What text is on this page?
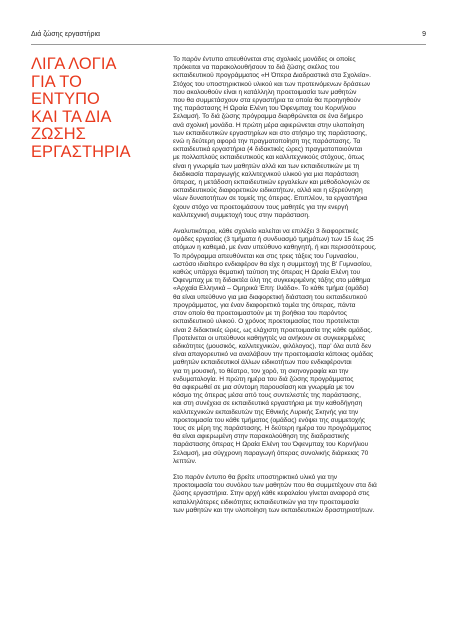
Διά ζώσης εργαστήρια	9
ΛΙΓΑ ΛΟΓΙΑ
ΓΙΑ ΤΟ
ΕΝΤΥΠΟ
ΚΑΙ ΤΑ ΔΙΑ
ΖΩΣΗΣ
ΕΡΓΑΣΤΗΡΙΑ

Το παρόν έντυπο απευθύνεται στις σχολικές μονάδες οι οποίες
πρόκειται να παρακολουθήσουν το διά ζώσης σκέλος του
εκπαιδευτικού προγράμματος «Η Όπερα Διαδραστικά στα Σχολεία».
Στόχος του υποστηρικτικού υλικού και των προτεινόμενων δράσεων
που ακολουθούν είναι η κατάλληλη προετοιμασία των μαθητών
που θα συμμετάσχουν στα εργαστήρια τα οποία θα προηγηθούν
της παράστασης Η Ωραία Ελένη του Όφενμπαχ του Κορνήλιου
Σελαμσή. Το διά ζώσης πρόγραμμα διαρθρώνεται σε ένα διήμερο
ανά σχολική μονάδα. Η πρώτη μέρα αφιερώνεται στην υλοποίηση
των εκπαιδευτικών εργαστηρίων και στο στήσιμο της παράστασης,
ενώ η δεύτερη αφορά την πραγματοποίηση της παράστασης. Τα
εκπαιδευτικά εργαστήρια (4 διδακτικές ώρες) πραγματοποιούνται
με πολλαπλούς εκπαιδευτικούς και καλλιτεχνικούς στόχους, όπως
είναι η γνωριμία των μαθητών αλλά και των εκπαιδευτικών με τη
διαδικασία παραγωγής καλλιτεχνικού υλικού για μια παράσταση
όπερας, η μετάδοση εκπαιδευτικών εργαλείων και μεθοδολογιών σε
εκπαιδευτικούς διαφορετικών ειδικοτήτων, αλλά και η εξερεύνηση
νέων δυνατοτήτων σε τομείς της όπερας. Επιπλέον, τα εργαστήρια
έχουν στόχο να προετοιμάσουν τους μαθητές για την ενεργή
καλλιτεχνική συμμετοχή τους στην παράσταση.

Αναλυτικότερα, κάθε σχολείο καλείται να επιλέξει 3 διαφορετικές
ομάδες εργασίας (3 τμήματα ή συνδυασμό τμημάτων) των 15 έως 25
ατόμων η καθεμιά, με έναν υπεύθυνο καθηγητή, ή και περισσότερους.
Το πρόγραμμα απευθύνεται και στις τρεις τάξεις του Γυμνασίου,
ωστόσο ιδιαίτερο ενδιαφέρον θα είχε η συμμετοχή της Β' Γυμνασίου,
καθώς υπάρχει θεματική ταύτιση της όπερας Η Ωραία Ελένη του
Όφενμπαχ με τη διδακτέα ύλη της συγκεκριμένης τάξης στο μάθημα
«Αρχαία Ελληνικά – Ομηρικά Έπη: Ιλιάδα». Το κάθε τμήμα (ομάδα)
θα είναι υπεύθυνο για μια διαφορετική διάσταση του εκπαιδευτικού
προγράμματος, για έναν διαφορετικό τομέα της όπερας, πάντα
στον οποίο θα προετοιμαστούν με τη βοήθεια του παρόντος
εκπαιδευτικού υλικού. Ο χρόνος προετοιμασίας που προτείνεται
είναι 2 διδακτικές ώρες, ως ελάχιστη προετοιμασία της κάθε ομάδας.
Προτείνεται οι υπεύθυνοι καθηγητές να ανήκουν σε συγκεκριμένες
ειδικότητες (μουσικός, καλλιτεχνικών, φιλόλογος), παρ' όλα αυτά δεν
είναι απαγορευτικό να αναλάβουν την προετοιμασία κάποιας ομάδας
μαθητών εκπαιδευτικοί άλλων ειδικοτήτων που ενδιαφέρονται
για τη μουσική, το θέατρο, τον χορό, τη σκηνογραφία και την
ενδυματολογία. Η πρώτη ημέρα του διά ζώσης προγράμματος
θα αφιερωθεί σε μια σύντομη παρουσίαση και γνωριμία με τον
κόσμο της όπερας μέσα από τους συντελεστές της παράστασης,
και στη συνέχεια σε εκπαιδευτικά εργαστήρια με την καθοδήγηση
καλλιτεχνικών εκπαιδευτών της Εθνικής Λυρικής Σκηνής για την
προετοιμασία του κάθε τμήματος (ομάδας) ενόψει της συμμετοχής
τους σε μέρη της παράστασης. Η δεύτερη ημέρα του προγράμματος
θα είναι αφιερωμένη στην παρακολούθηση της διαδραστικής
παράστασης όπερας Η Ωραία Ελένη του Όφενμπαχ του Κορνήλιου
Σελαμσή, μια σύγχρονη παραγωγή όπερας συνολικής διάρκειας 70
λεπτών.

Στο παρόν έντυπο θα βρείτε υποστηρικτικό υλικό για την
προετοιμασία του συνόλου των μαθητών που θα συμμετέχουν στα διά
ζώσης εργαστήρια. Στην αρχή κάθε κεφαλαίου γίνεται αναφορά στις
καταλληλότερες ειδικότητες εκπαιδευτικών για την προετοιμασία
των μαθητών και την υλοποίηση των εκπαιδευτικών δραστηριοτήτων.
